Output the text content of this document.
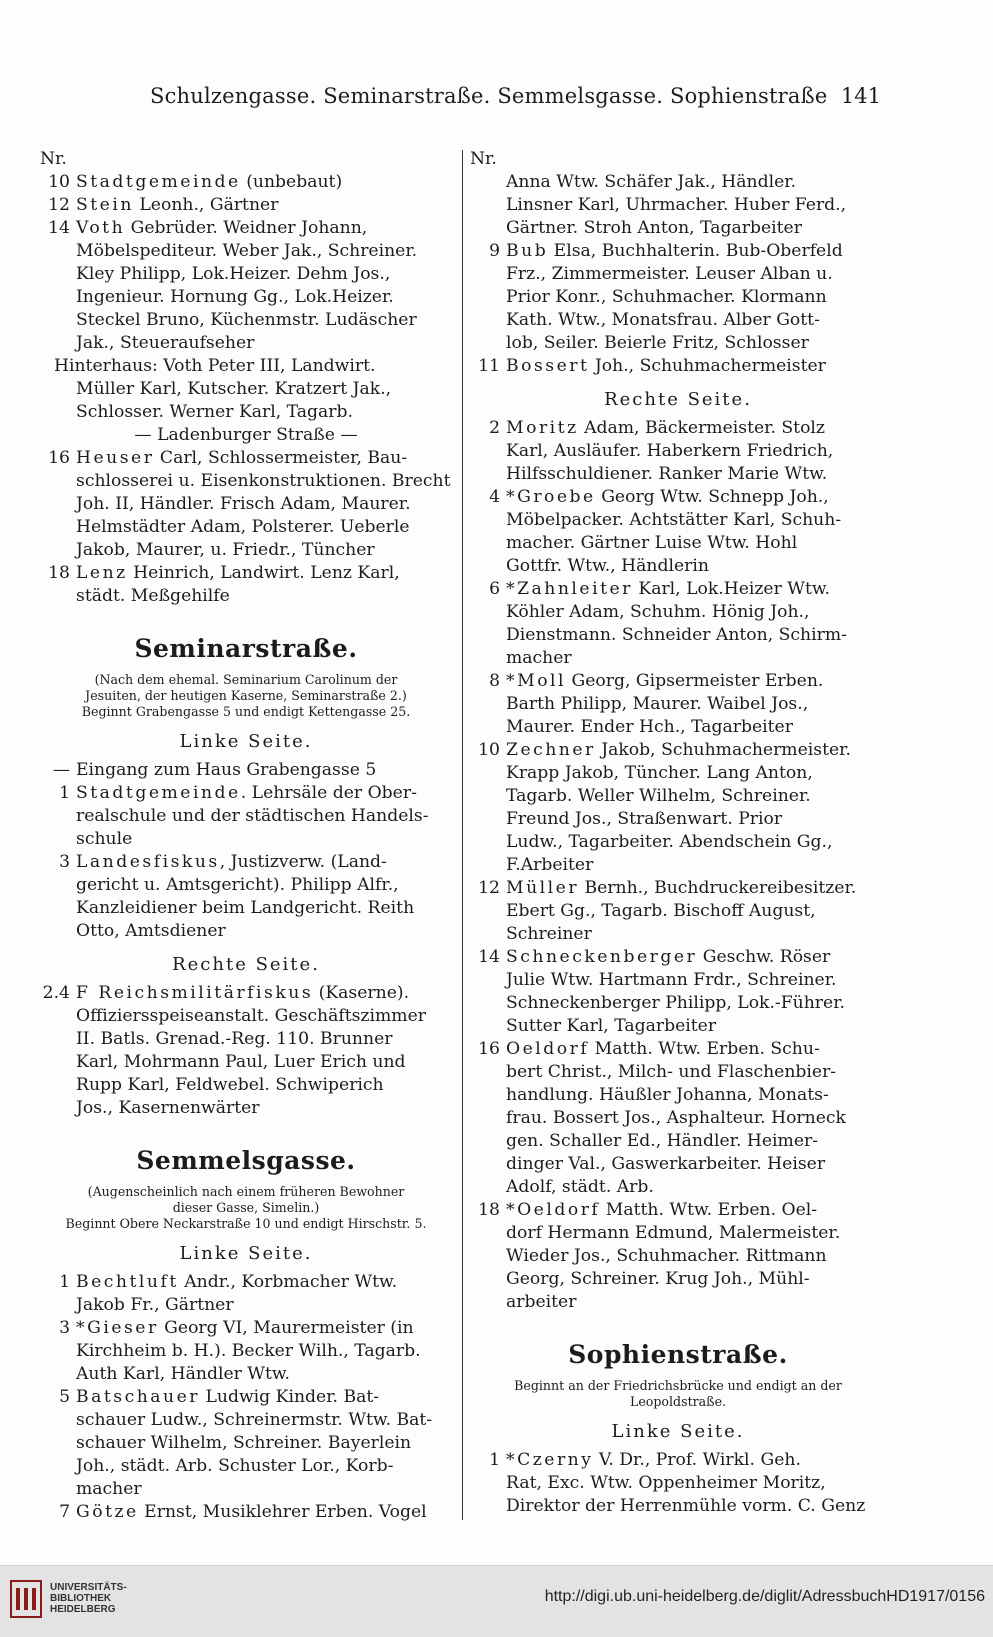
Schulzengasse. Seminarstraße. Semmelsgasse. Sophienstraße 141
Nr.
10 Stadtgemeinde (unbebaut)
12 Stein Leonh., Gärtner
14 Voth Gebrüder. Weidner Johann,
Möbelspediteur. Weber Jak., Schreiner.
Kley Philipp, Lok.Heizer. Dehm Jos.,
Ingenieur. Hornung Gg., Lok.Heizer.
Steckel Bruno, Küchenmstr. Ludäscher
Jak., Steueraufseher
Hinterhaus: Voth Peter III, Landwirt.
Müller Karl, Kutscher. Kratzert Jak.,
Schlosser. Werner Karl, Tagarb.
— Ladenburger Straße —
16 Heuser Carl, Schlossermeister, Bau-
schlosserei u. Eisenkonstruktionen. Brecht
Joh. II, Händler. Frisch Adam, Maurer.
Helmstädter Adam, Polsterer. Ueberle
Jakob, Maurer, u. Friedr., Tüncher
18 Lenz Heinrich, Landwirt. Lenz Karl,
städt. Meßgehilfe
Seminarstraße.
(Nach dem ehemal. Seminarium Carolinum der
Jesuiten, der heutigen Kaserne, Seminarstraße 2.)
Beginnt Grabengasse 5 und endigt Kettengasse 25.
Linke Seite.
— Eingang zum Haus Grabengasse 5
1 Stadtgemeinde. Lehrsäle der Ober-
realschule und der städtischen Handels-
schule
3 Landesfiskus, Justizverw. (Land-
gericht u. Amtsgericht). Philipp Alfr.,
Kanzleidiener beim Landgericht. Reith
Otto, Amtsdiener
Rechte Seite.
2.4 F Reichsmilitärfiskus (Kaserne).
Offiziersspeiseanstalt. Geschäftszimmer
II. Batls. Grenad.-Reg. 110. Brunner
Karl, Mohrmann Paul, Luer Erich und
Rupp Karl, Feldwebel. Schwiperich
Jos., Kasernenwärter
Semmelsgasse.
(Augenscheinlich nach einem früheren Bewohner
dieser Gasse, Simelin.)
Beginnt Obere Neckarstraße 10 und endigt Hirschstr. 5.
Linke Seite.
1 Bechtluft Andr., Korbmacher Wtw.
Jakob Fr., Gärtner
3 *Gieser Georg VI, Maurermeister (in
Kirchheim b. H.). Becker Wilh., Tagarb.
Auth Karl, Händler Wtw.
5 Batschauer Ludwig Kinder. Bat-
schauer Ludw., Schreinermstr. Wtw. Bat-
schauer Wilhelm, Schreiner. Bayerlein
Joh., städt. Arb. Schuster Lor., Korb-
macher
7 Götze Ernst, Musiklehrer Erben. Vogel
Nr.
Anna Wtw. Schäfer Jak., Händler.
Linsner Karl, Uhrmacher. Huber Ferd.,
Gärtner. Stroh Anton, Tagarbeiter
9 Bub Elsa, Buchhalterin. Bub-Oberfeld
Frz., Zimmermeister. Leuser Alban u.
Prior Konr., Schuhmacher. Klormann
Kath. Wtw., Monatsfrau. Alber Gott-
lob, Seiler. Beierle Fritz, Schlosser
11 Bossert Joh., Schuhmachermeister
Rechte Seite.
2 Moritz Adam, Bäckermeister. Stolz
Karl, Ausläufer. Haberkern Friedrich,
Hilfsschuldiener. Ranker Marie Wtw.
4 *Groebe Georg Wtw. Schnepp Joh.,
Möbelpacker. Achtstätter Karl, Schuh-
macher. Gärtner Luise Wtw. Hohl
Gottfr. Wtw., Händlerin
6 *Zahnleiter Karl, Lok.Heizer Wtw.
Köhler Adam, Schuhm. Hönig Joh.,
Dienstmann. Schneider Anton, Schirm-
macher
8 *Moll Georg, Gipsermeister Erben.
Barth Philipp, Maurer. Waibel Jos.,
Maurer. Ender Hch., Tagarbeiter
10 Zechner Jakob, Schuhmachermeister.
Krapp Jakob, Tüncher. Lang Anton,
Tagarb. Weller Wilhelm, Schreiner.
Freund Jos., Straßenwart. Prior
Ludw., Tagarbeiter. Abendschein Gg.,
F.Arbeiter
12 Müller Bernh., Buchdruckereibesitzer.
Ebert Gg., Tagarb. Bischoff August,
Schreiner
14 Schneckenberger Geschw. Röser
Julie Wtw. Hartmann Frdr., Schreiner.
Schneckenberger Philipp, Lok.-Führer.
Sutter Karl, Tagarbeiter
16 Oeldorf Matth. Wtw. Erben. Schu-
bert Christ., Milch- und Flaschenbier-
handlung. Häußler Johanna, Monats-
frau. Bossert Jos., Asphalteur. Horneck
gen. Schaller Ed., Händler. Heimer-
dinger Val., Gaswerkarbeiter. Heiser
Adolf, städt. Arb.
18 *Oeldorf Matth. Wtw. Erben. Oel-
dorf Hermann Edmund, Malermeister.
Wieder Jos., Schuhmacher. Rittmann
Georg, Schreiner. Krug Joh., Mühl-
arbeiter
Sophienstraße.
Beginnt an der Friedrichsbrücke und endigt an der
Leopoldstraße.
Linke Seite.
1 *Czerny V. Dr., Prof. Wirkl. Geh.
Rat, Exc. Wtw. Oppenheimer Moritz,
Direktor der Herrenmühle vorm. C. Genz
UNIVERSITÄTS-
BIBLIOTHEK
HEIDELBERG
http://digi.ub.uni-heidelberg.de/diglit/AdressbuchHD1917/0156
